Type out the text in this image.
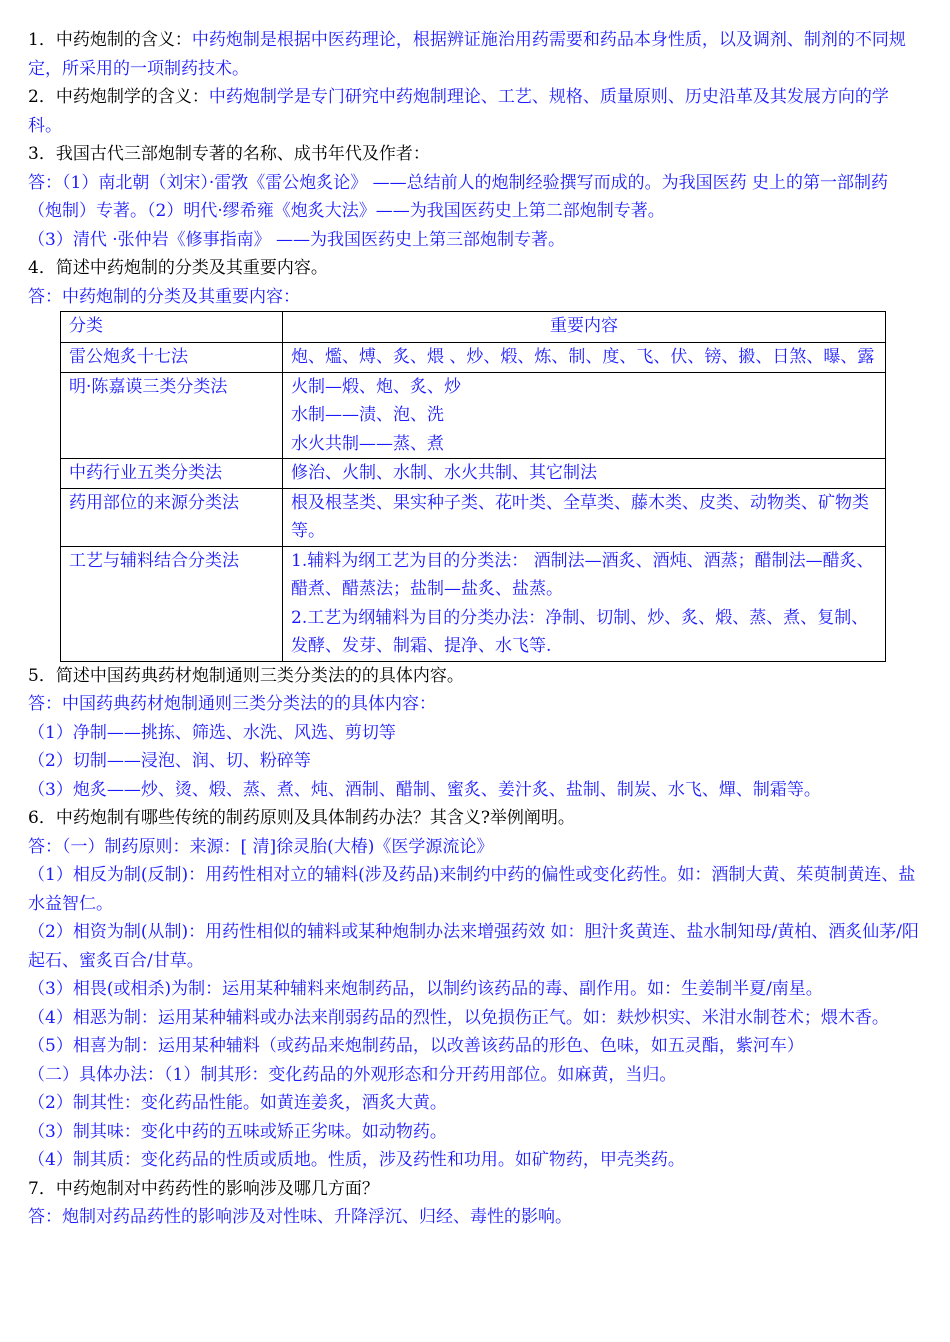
1．中药炮制的含义：中药炮制是根据中医药理论，根据辨证施治用药需要和药品本身性质，以及调剂、制剂的不同规定，所采用的一项制药技术。

2．中药炮制学的含义：中药炮制学是专门研究中药炮制理论、工艺、规格、质量原则、历史沿革及其发展方向的学科。

3．我国古代三部炮制专著的名称、成书年代及作者：

答：（1）南北朝（刘宋）·雷敩《雷公炮炙论》 ——总结前人的炮制经验撰写而成的。为我国医药 史上的第一部制药（炮制）专著。（2）明代·缪希雍《炮炙大法》——为我国医药史上第二部炮制专著。

（3）清代 ·张仲岩《修事指南》 ——为我国医药史上第三部炮制专著。

4．简述中药炮制的分类及其重要内容。

答：中药炮制的分类及其重要内容：

分类	重要内容
雷公炮炙十七法	炮、爁、煿、炙、煨 、炒、煅、炼、制、度、飞、伏、镑、摋、日煞、曝、露

明·陈嘉谟三类分类法	火制—煅、炮、炙、炒
水制——渍、泡、洗
水火共制——蒸、煮

中药行业五类分类法	修治、火制、水制、水火共制、其它制法

药用部位的来源分类法	根及根茎类、果实种子类、花叶类、全草类、藤木类、皮类、动物类、矿物类等。

工艺与辅料结合分类法	1.辅料为纲工艺为目的分类法： 酒制法—酒炙、酒炖、酒蒸；醋制法—醋炙、醋煮、醋蒸法；盐制—盐炙、盐蒸。
2.工艺为纲辅料为目的分类办法：净制、切制、炒、炙、煅、蒸、煮、复制、发酵、发芽、制霜、提净、水飞等.

5．简述中国药典药材炮制通则三类分类法的的具体内容。

答：中国药典药材炮制通则三类分类法的的具体内容：

（1）净制——挑拣、筛选、水洗、风选、剪切等

（2）切制——浸泡、润、切、粉碎等

（3）炮炙——炒、烫、煅、蒸、煮、炖、酒制、醋制、蜜炙、姜汁炙、盐制、制炭、水飞、燀、制霜等。

6．中药炮制有哪些传统的制药原则及具体制药办法？其含义?举例阐明。

答：（一）制药原则：来源：[ 清]徐灵胎(大椿)《医学源流论》

（1）相反为制(反制)：用药性相对立的辅料(涉及药品)来制约中药的偏性或变化药性。如：酒制大黄、茱萸制黄连、盐水益智仁。

（2）相资为制(从制)：用药性相似的辅料或某种炮制办法来增强药效 如：胆汁炙黄连、盐水制知母/黄柏、酒炙仙茅/阳起石、蜜炙百合/甘草。

（3）相畏(或相杀)为制：运用某种辅料来炮制药品，以制约该药品的毒、副作用。如：生姜制半夏/南星。

（4）相恶为制：运用某种辅料或办法来削弱药品的烈性，以免损伤正气。如：麸炒枳实、米泔水制苍术；煨木香。

（5）相喜为制：运用某种辅料（或药品来炮制药品，以改善该药品的形色、色味，如五灵酯，紫河车）

（二）具体办法：（1）制其形：变化药品的外观形态和分开药用部位。如麻黄，当归。

（2）制其性：变化药品性能。如黄连姜炙，酒炙大黄。

（3）制其味：变化中药的五味或矫正劣味。如动物药。

（4）制其质：变化药品的性质或质地。性质，涉及药性和功用。如矿物药，甲壳类药。

7．中药炮制对中药药性的影响涉及哪几方面？

答：炮制对药品药性的影响涉及对性味、升降浮沉、归经、毒性的影响。
